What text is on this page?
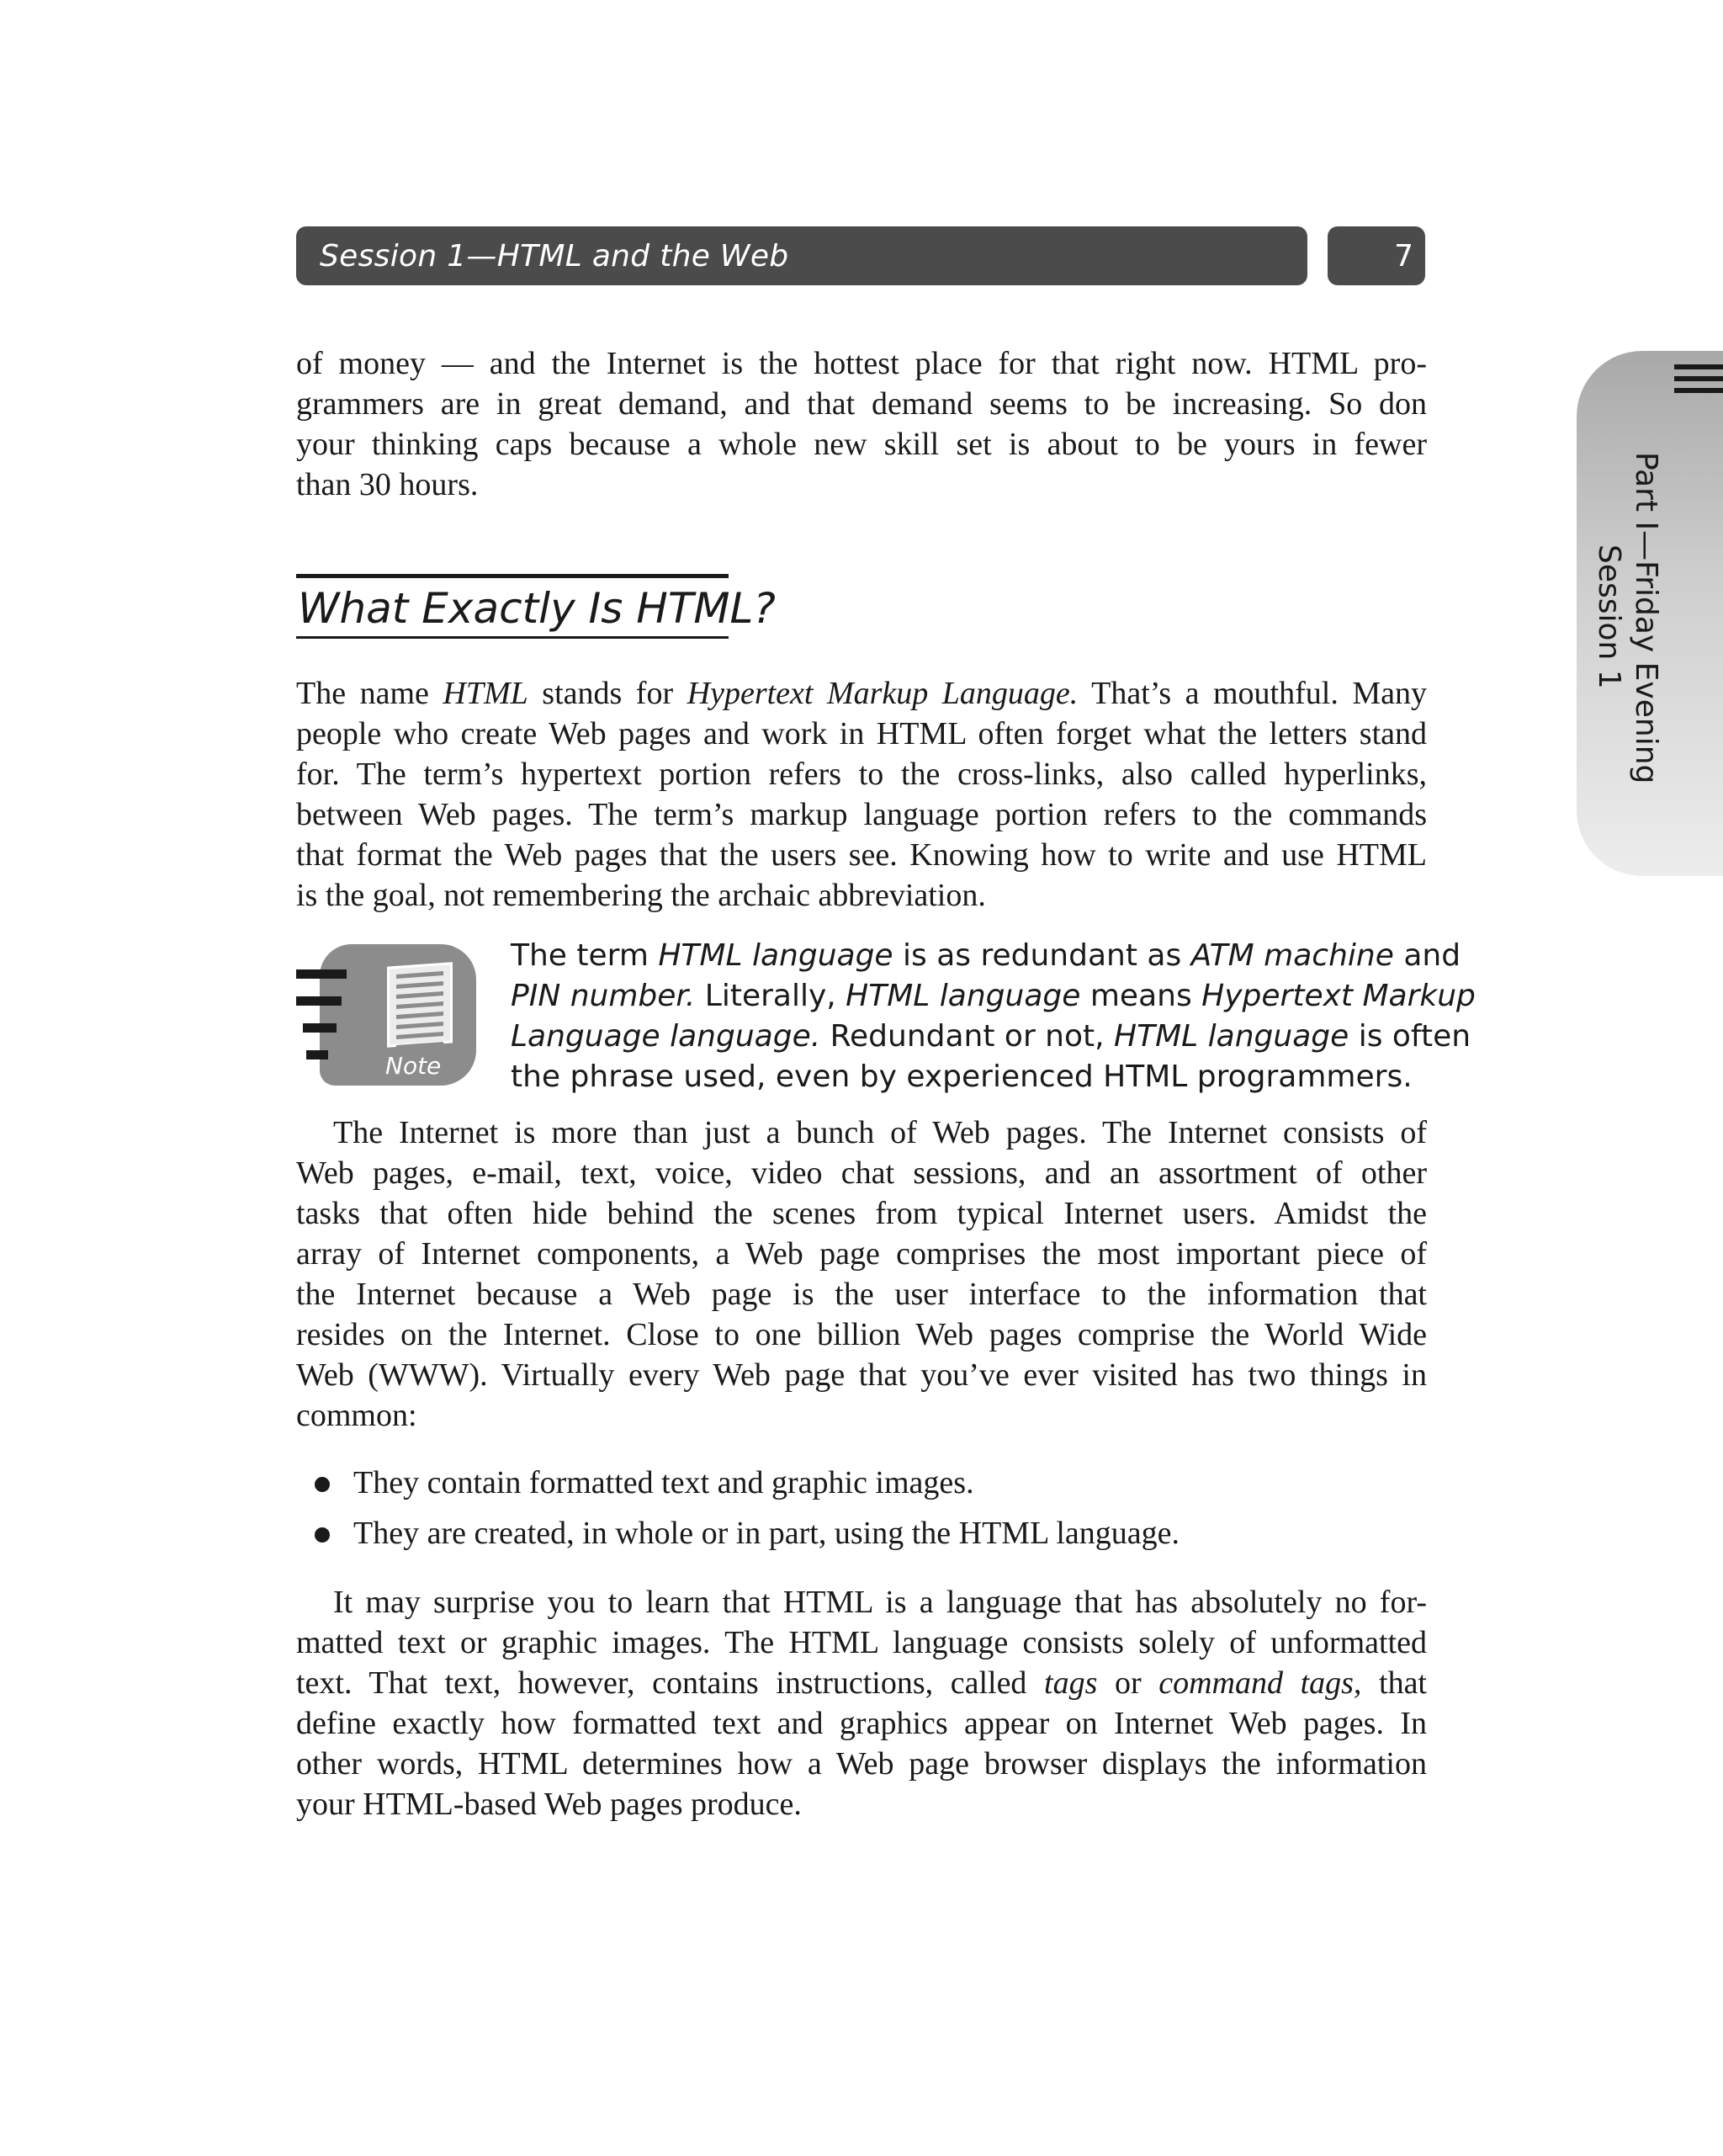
Session 1—HTML and the Web	7
Part I—Friday Evening
Session 1

of money — and the Internet is the hottest place for that right now. HTML pro-
grammers are in great demand, and that demand seems to be increasing. So don
your thinking caps because a whole new skill set is about to be yours in fewer
than 30 hours.

What Exactly Is HTML?

The name HTML stands for Hypertext Markup Language. That’s a mouthful. Many
people who create Web pages and work in HTML often forget what the letters stand
for. The term’s hypertext portion refers to the cross-links, also called hyperlinks,
between Web pages. The term’s markup language portion refers to the commands
that format the Web pages that the users see. Knowing how to write and use HTML
is the goal, not remembering the archaic abbreviation.

Note
The term HTML language is as redundant as ATM machine and
PIN number. Literally, HTML language means Hypertext Markup
Language language. Redundant or not, HTML language is often
the phrase used, even by experienced HTML programmers.

The Internet is more than just a bunch of Web pages. The Internet consists of
Web pages, e-mail, text, voice, video chat sessions, and an assortment of other
tasks that often hide behind the scenes from typical Internet users. Amidst the
array of Internet components, a Web page comprises the most important piece of
the Internet because a Web page is the user interface to the information that
resides on the Internet. Close to one billion Web pages comprise the World Wide
Web (WWW). Virtually every Web page that you’ve ever visited has two things in
common:

They contain formatted text and graphic images.
They are created, in whole or in part, using the HTML language.

It may surprise you to learn that HTML is a language that has absolutely no for-
matted text or graphic images. The HTML language consists solely of unformatted
text. That text, however, contains instructions, called tags or command tags, that
define exactly how formatted text and graphics appear on Internet Web pages. In
other words, HTML determines how a Web page browser displays the information
your HTML-based Web pages produce.
